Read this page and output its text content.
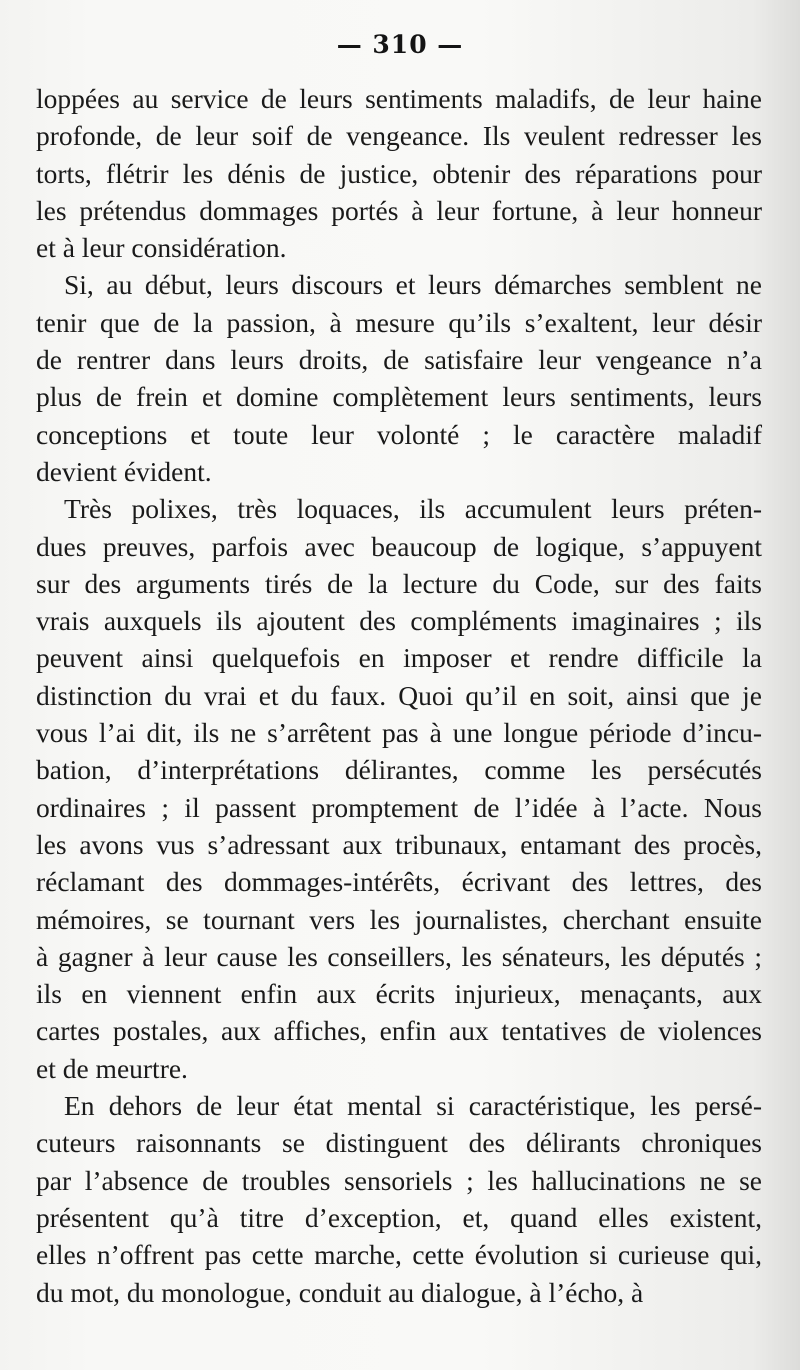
— 310 —
loppées au service de leurs sentiments maladifs, de leur haine
profonde, de leur soif de vengeance. Ils veulent redresser les
torts, flétrir les dénis de justice, obtenir des réparations pour
les prétendus dommages portés à leur fortune, à leur honneur
et à leur considération.
Si, au début, leurs discours et leurs démarches semblent ne
tenir que de la passion, à mesure qu’ils s’exaltent, leur désir
de rentrer dans leurs droits, de satisfaire leur vengeance n’a
plus de frein et domine complètement leurs sentiments, leurs
conceptions et toute leur volonté ; le caractère maladif
devient évident.
Très polixes, très loquaces, ils accumulent leurs préten-
dues preuves, parfois avec beaucoup de logique, s’appuyent
sur des arguments tirés de la lecture du Code, sur des faits
vrais auxquels ils ajoutent des compléments imaginaires ; ils
peuvent ainsi quelquefois en imposer et rendre difficile la
distinction du vrai et du faux. Quoi qu’il en soit, ainsi que je
vous l’ai dit, ils ne s’arrêtent pas à une longue période d’incu-
bation, d’interprétations délirantes, comme les persécutés
ordinaires ; il passent promptement de l’idée à l’acte. Nous
les avons vus s’adressant aux tribunaux, entamant des procès,
réclamant des dommages-intérêts, écrivant des lettres, des
mémoires, se tournant vers les journalistes, cherchant ensuite
à gagner à leur cause les conseillers, les sénateurs, les députés ;
ils en viennent enfin aux écrits injurieux, menaçants, aux
cartes postales, aux affiches, enfin aux tentatives de violences
et de meurtre.
En dehors de leur état mental si caractéristique, les persé-
cuteurs raisonnants se distinguent des délirants chroniques
par l’absence de troubles sensoriels ; les hallucinations ne se
présentent qu’à titre d’exception, et, quand elles existent,
elles n’offrent pas cette marche, cette évolution si curieuse qui,
du mot, du monologue, conduit au dialogue, à l’écho, à
